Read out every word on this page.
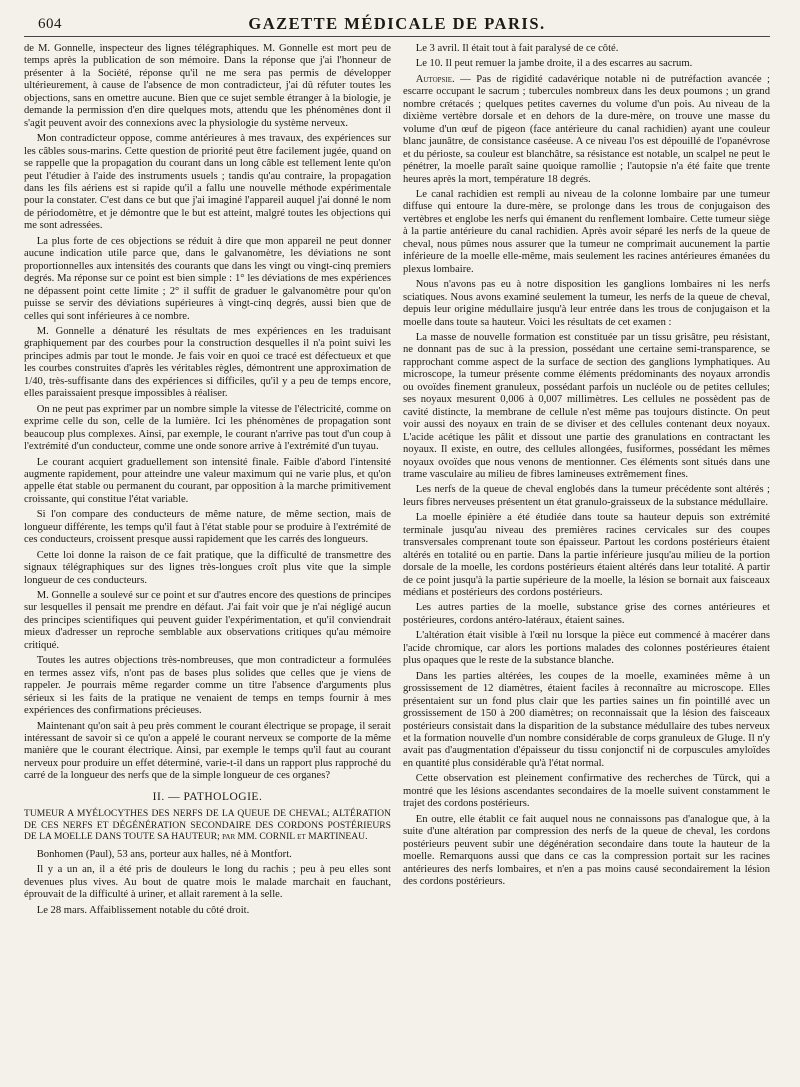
604	GAZETTE MÉDICALE DE PARIS.

de M. Gonnelle, inspecteur des lignes télégraphiques. M. Gonnelle est mort peu de temps après la publication de son mémoire. Dans la réponse que j'ai l'honneur de présenter à la Société, réponse qu'il ne me sera pas permis de développer ultérieurement, à cause de l'absence de mon contradicteur, j'ai dû réfuter toutes les objections, sans en omettre aucune. Bien que ce sujet semble étranger à la biologie, je demande la permission d'en dire quelques mots, attendu que les phénomènes dont il s'agit peuvent avoir des connexions avec la physiologie du système nerveux.

Mon contradicteur oppose, comme antérieures à mes travaux, des expériences sur les câbles sous-marins. Cette question de priorité peut être facilement jugée, quand on se rappelle que la propagation du courant dans un long câble est tellement lente qu'on peut l'étudier à l'aide des instruments usuels ; tandis qu'au contraire, la propagation dans les fils aériens est si rapide qu'il a fallu une nouvelle méthode expérimentale pour la constater. C'est dans ce but que j'ai imaginé l'appareil auquel j'ai donné le nom de périodomètre, et je démontre que le but est atteint, malgré toutes les objections qui me sont adressées.

La plus forte de ces objections se réduit à dire que mon appareil ne peut donner aucune indication utile parce que, dans le galvanomètre, les déviations ne sont proportionnelles aux intensités des courants que dans les vingt ou vingt-cinq premiers degrés. Ma réponse sur ce point est bien simple : 1° les déviations de mes expériences ne dépassent point cette limite ; 2° il suffit de graduer le galvanomètre pour qu'on puisse se servir des déviations supérieures à vingt-cinq degrés, aussi bien que de celles qui sont inférieures à ce nombre.

M. Gonnelle a dénaturé les résultats de mes expériences en les traduisant graphiquement par des courbes pour la construction desquelles il n'a point suivi les principes admis par tout le monde. Je fais voir en quoi ce tracé est défectueux et que les courbes construites d'après les véritables règles, démontrent une approximation de 1/40, très-suffisante dans des expériences si difficiles, qu'il y a peu de temps encore, elles paraissaient presque impossibles à réaliser.

On ne peut pas exprimer par un nombre simple la vitesse de l'électricité, comme on exprime celle du son, celle de la lumière. Ici les phénomènes de propagation sont beaucoup plus complexes. Ainsi, par exemple, le courant n'arrive pas tout d'un coup à l'extrémité d'un conducteur, comme une onde sonore arrive à l'extrémité d'un tuyau.

Le courant acquiert graduellement son intensité finale. Faible d'abord l'intensité augmente rapidement, pour atteindre une valeur maximum qui ne varie plus, et qu'on appelle état stable ou permanent du courant, par opposition à la marche primitivement croissante, qui constitue l'état variable.

Si l'on compare des conducteurs de même nature, de même section, mais de longueur différente, les temps qu'il faut à l'état stable pour se produire à l'extrémité de ces conducteurs, croissent presque aussi rapidement que les carrés des longueurs.

Cette loi donne la raison de ce fait pratique, que la difficulté de transmettre des signaux télégraphiques sur des lignes très-longues croît plus vite que la simple longueur de ces conducteurs.

M. Gonnelle a soulevé sur ce point et sur d'autres encore des questions de principes sur lesquelles il pensait me prendre en défaut. J'ai fait voir que je n'ai négligé aucun des principes scientifiques qui peuvent guider l'expérimentation, et qu'il conviendrait mieux d'adresser un reproche semblable aux observations critiques qu'au mémoire critiqué.

Toutes les autres objections très-nombreuses, que mon contradicteur a formulées en termes assez vifs, n'ont pas de bases plus solides que celles que je viens de rappeler. Je pourrais même regarder comme un titre l'absence d'arguments plus sérieux si les faits de la pratique ne venaient de temps en temps fournir à mes expériences des confirmations précieuses.

Maintenant qu'on sait à peu près comment le courant électrique se propage, il serait intéressant de savoir si ce qu'on a appelé le courant nerveux se comporte de la même manière que le courant électrique. Ainsi, par exemple le temps qu'il faut au courant nerveux pour produire un effet déterminé, varie-t-il dans un rapport plus rapproché du carré de la longueur des nerfs que de la simple longueur de ces organes?

II. — PATHOLOGIE.
TUMEUR A MYÉLOCYTHES DES NERFS DE LA QUEUE DE CHEVAL; ALTÉRATION DE CES NERFS ET DÉGÉNÉRATION SECONDAIRE DES CORDONS POSTÉRIEURS DE LA MOELLE DANS TOUTE SA HAUTEUR; par MM. CORNIL et MARTINEAU.

Bonhomen (Paul), 53 ans, porteur aux halles, né à Montfort.

Il y a un an, il a été pris de douleurs le long du rachis ; peu à peu elles sont devenues plus vives. Au bout de quatre mois le malade marchait en fauchant, éprouvait de la difficulté à uriner, et allait rarement à la selle.

Le 28 mars. Affaiblissement notable du côté droit.

Le 3 avril. Il était tout à fait paralysé de ce côté.

Le 10. Il peut remuer la jambe droite, il a des escarres au sacrum.

Autopsie. — Pas de rigidité cadavérique notable ni de putréfaction avancée ; escarre occupant le sacrum ; tubercules nombreux dans les deux poumons ; un grand nombre crétacés ; quelques petites cavernes du volume d'un pois. Au niveau de la dixième vertèbre dorsale et en dehors de la dure-mère, on trouve une masse du volume d'un œuf de pigeon (face antérieure du canal rachidien) ayant une couleur blanc jaunâtre, de consistance caséeuse. A ce niveau l'os est dépouillé de l'opanévrose et du périoste, sa couleur est blanchâtre, sa résistance est notable, un scalpel ne peut le pénétrer, la moelle paraît saine quoique ramollie ; l'autopsie n'a été faite que trente heures après la mort, température 18 degrés.

Le canal rachidien est rempli au niveau de la colonne lombaire par une tumeur diffuse qui entoure la dure-mère, se prolonge dans les trous de conjugaison des vertèbres et englobe les nerfs qui émanent du renflement lombaire. Cette tumeur siège à la partie antérieure du canal rachidien. Après avoir séparé les nerfs de la queue de cheval, nous pûmes nous assurer que la tumeur ne comprimait aucunement la partie inférieure de la moelle elle-même, mais seulement les racines antérieures émanées du plexus lombaire.

Nous n'avons pas eu à notre disposition les ganglions lombaires ni les nerfs sciatiques. Nous avons examiné seulement la tumeur, les nerfs de la queue de cheval, depuis leur origine médullaire jusqu'à leur entrée dans les trous de conjugaison et la moelle dans toute sa hauteur. Voici les résultats de cet examen :

La masse de nouvelle formation est constituée par un tissu grisâtre, peu résistant, ne donnant pas de suc à la pression, possédant une certaine semi-transparence, se rapprochant comme aspect de la surface de section des ganglions lymphatiques. Au microscope, la tumeur présente comme éléments prédominants des noyaux arrondis ou ovoïdes finement granuleux, possédant parfois un nucléole ou de petites cellules; ses noyaux mesurent 0,006 à 0,007 millimètres. Les cellules ne possèdent pas de cavité distincte, la membrane de cellule n'est même pas toujours distincte. On peut voir aussi des noyaux en train de se diviser et des cellules contenant deux noyaux. L'acide acétique les pâlit et dissout une partie des granulations en contractant les noyaux. Il existe, en outre, des cellules allongées, fusiformes, possédant les mêmes noyaux ovoïdes que nous venons de mentionner. Ces éléments sont situés dans une trame vasculaire au milieu de fibres lamineuses extrêmement fines.

Les nerfs de la queue de cheval englobés dans la tumeur précédente sont altérés ; leurs fibres nerveuses présentent un état granulo-graisseux de la substance médullaire.

La moelle épinière a été étudiée dans toute sa hauteur depuis son extrémité terminale jusqu'au niveau des premières racines cervicales sur des coupes transversales comprenant toute son épaisseur. Partout les cordons postérieurs étaient altérés en totalité ou en partie. Dans la partie inférieure jusqu'au milieu de la portion dorsale de la moelle, les cordons postérieurs étaient altérés dans leur totalité. A partir de ce point jusqu'à la partie supérieure de la moelle, la lésion se bornait aux faisceaux médians et postérieurs des cordons postérieurs.

Les autres parties de la moelle, substance grise des cornes antérieures et postérieures, cordons antéro-latéraux, étaient saines.

L'altération était visible à l'œil nu lorsque la pièce eut commencé à macérer dans l'acide chromique, car alors les portions malades des colonnes postérieures étaient plus opaques que le reste de la substance blanche.

Dans les parties altérées, les coupes de la moelle, examinées même à un grossissement de 12 diamètres, étaient faciles à reconnaître au microscope. Elles présentaient sur un fond plus clair que les parties saines un fin pointillé avec un grossissement de 150 à 200 diamètres; on reconnaissait que la lésion des faisceaux postérieurs consistait dans la disparition de la substance médullaire des tubes nerveux et la formation nouvelle d'un nombre considérable de corps granuleux de Gluge. Il n'y avait pas d'augmentation d'épaisseur du tissu conjonctif ni de corpuscules amyloïdes en quantité plus considérable qu'à l'état normal.

Cette observation est pleinement confirmative des recherches de Türck, qui a montré que les lésions ascendantes secondaires de la moelle suivent constamment le trajet des cordons postérieurs.

En outre, elle établit ce fait auquel nous ne connaissons pas d'analogue que, à la suite d'une altération par compression des nerfs de la queue de cheval, les cordons postérieurs peuvent subir une dégénération secondaire dans toute la hauteur de la moelle. Remarquons aussi que dans ce cas la compression portait sur les racines antérieures des nerfs lombaires, et n'en a pas moins causé secondairement la lésion des cordons postérieurs.
